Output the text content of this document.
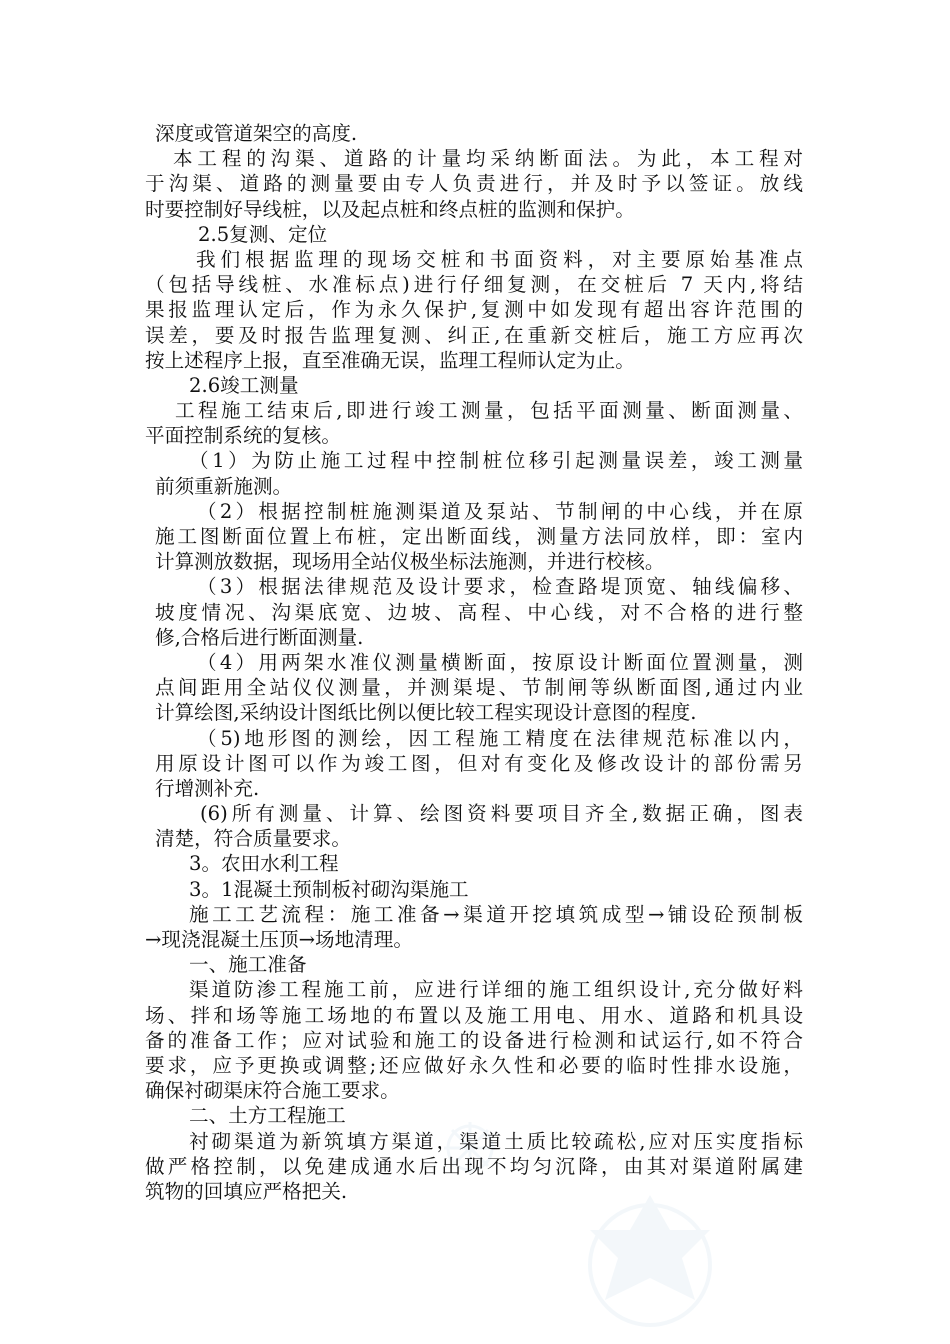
深度或管道架空的高度.
本工程的沟渠、道路的计量均采纳断面法。为此，本工程对
于沟渠、道路的测量要由专人负责进行，并及时予以签证。放线
时要控制好导线桩，以及起点桩和终点桩的监测和保护。
2.5复测、定位
我们根据监理的现场交桩和书面资料，对主要原始基准点
（包括导线桩、水准标点)进行仔细复测，在交桩后 7 天内,将结
果报监理认定后，作为永久保护,复测中如发现有超出容许范围的
误差，要及时报告监理复测、纠正,在重新交桩后，施工方应再次
按上述程序上报，直至准确无误，监理工程师认定为止。
2.6竣工测量
工程施工结束后,即进行竣工测量，包括平面测量、断面测量、
平面控制系统的复核。
（1）为防止施工过程中控制桩位移引起测量误差，竣工测量
前须重新施测。
（2）根据控制桩施测渠道及泵站、节制闸的中心线，并在原
施工图断面位置上布桩，定出断面线，测量方法同放样，即：室内
计算测放数据，现场用全站仪极坐标法施测，并进行校核。
（3）根据法律规范及设计要求，检查路堤顶宽、轴线偏移、
坡度情况、沟渠底宽、边坡、高程、中心线，对不合格的进行整
修,合格后进行断面测量.
（4）用两架水准仪测量横断面，按原设计断面位置测量，测
点间距用全站仪仪测量，并测渠堤、节制闸等纵断面图,通过内业
计算绘图,采纳设计图纸比例以便比较工程实现设计意图的程度.
（5)地形图的测绘，因工程施工精度在法律规范标准以内，
用原设计图可以作为竣工图，但对有变化及修改设计的部份需另
行增测补充.
(6)所有测量、计算、绘图资料要项目齐全,数据正确，图表
清楚，符合质量要求。
3。农田水利工程
3。1混凝土预制板衬砌沟渠施工
施工工艺流程：施工准备→渠道开挖填筑成型→铺设砼预制板
→现浇混凝土压顶→场地清理。
一、施工准备
渠道防渗工程施工前，应进行详细的施工组织设计,充分做好料
场、拌和场等施工场地的布置以及施工用电、用水、道路和机具设
备的准备工作；应对试验和施工的设备进行检测和试运行,如不符合
要求，应予更换或调整;还应做好永久性和必要的临时性排水设施，
确保衬砌渠床符合施工要求。
二、土方工程施工
衬砌渠道为新筑填方渠道，渠道土质比较疏松,应对压实度指标
做严格控制，以免建成通水后出现不均匀沉降，由其对渠道附属建
筑物的回填应严格把关.
